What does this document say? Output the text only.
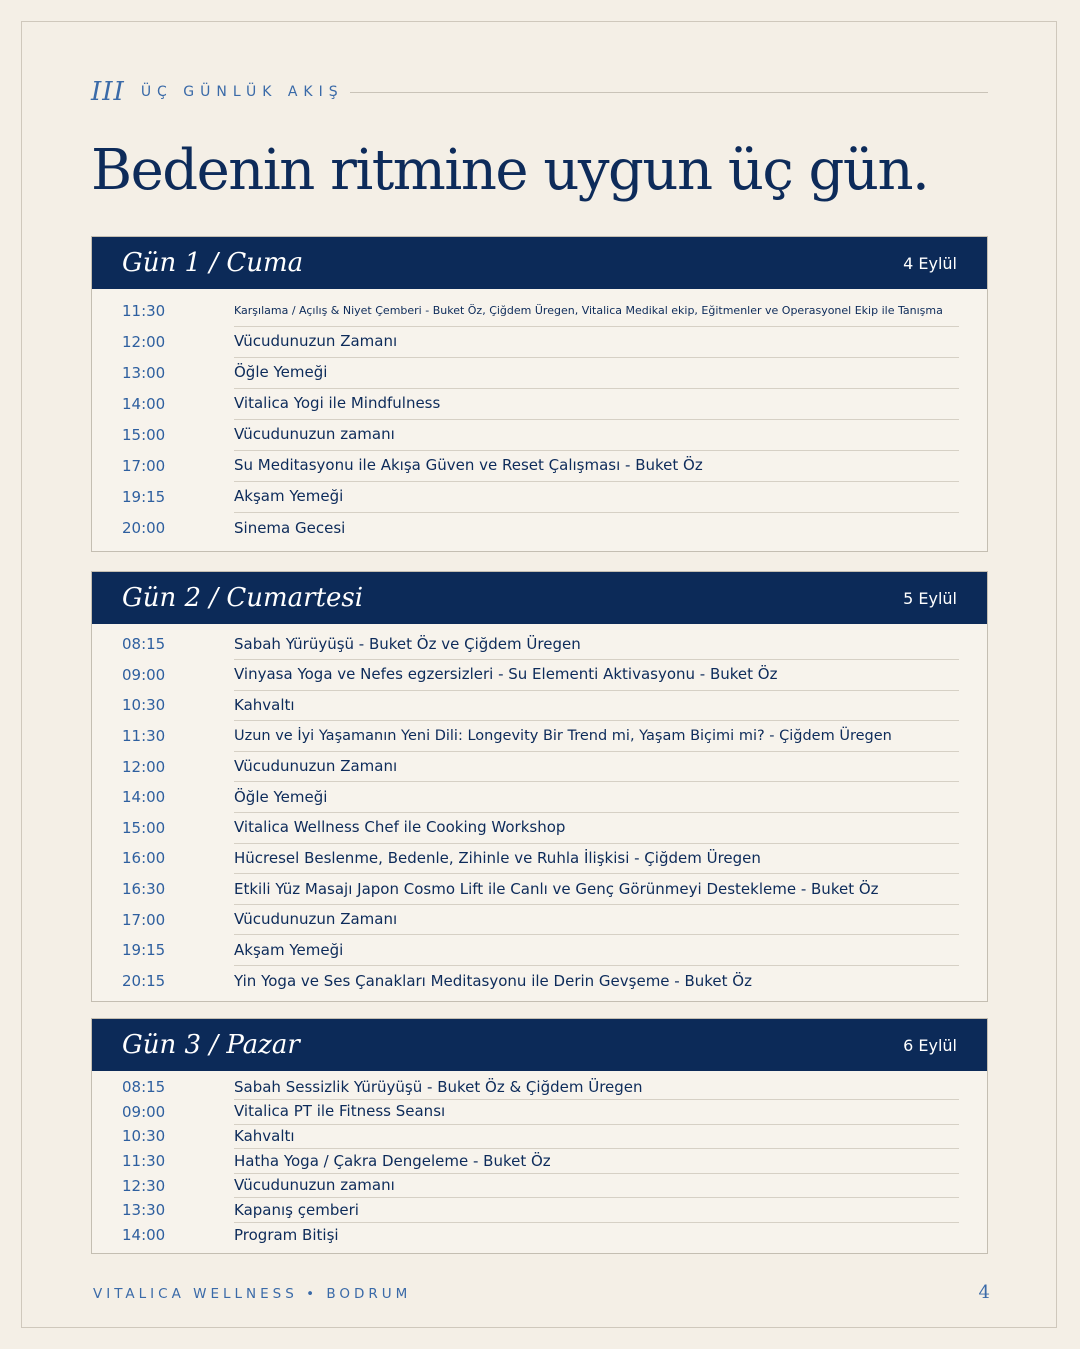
III ÜÇ GÜNLÜK AKIŞ
Bedenin ritmine uygun üç gün.
Gün 1 / Cuma	4 Eylül
11:30	Karşılama / Açılış & Niyet Çemberi - Buket Öz, Çiğdem Üregen, Vitalica Medikal ekip, Eğitmenler ve Operasyonel Ekip ile Tanışma
12:00	Vücudunuzun Zamanı
13:00	Öğle Yemeği
14:00	Vitalica Yogi ile Mindfulness
15:00	Vücudunuzun zamanı
17:00	Su Meditasyonu ile Akışa Güven ve Reset Çalışması - Buket Öz
19:15	Akşam Yemeği
20:00	Sinema Gecesi
Gün 2 / Cumartesi	5 Eylül
08:15	Sabah Yürüyüşü - Buket Öz ve Çiğdem Üregen
09:00	Vinyasa Yoga ve Nefes egzersizleri - Su Elementi Aktivasyonu - Buket Öz
10:30	Kahvaltı
11:30	Uzun ve İyi Yaşamanın Yeni Dili: Longevity Bir Trend mi, Yaşam Biçimi mi? - Çiğdem Üregen
12:00	Vücudunuzun Zamanı
14:00	Öğle Yemeği
15:00	Vitalica Wellness Chef ile Cooking Workshop
16:00	Hücresel Beslenme, Bedenle, Zihinle ve Ruhla İlişkisi - Çiğdem Üregen
16:30	Etkili Yüz Masajı Japon Cosmo Lift ile Canlı ve Genç Görünmeyi Destekleme - Buket Öz
17:00	Vücudunuzun Zamanı
19:15	Akşam Yemeği
20:15	Yin Yoga ve Ses Çanakları Meditasyonu ile Derin Gevşeme - Buket Öz
Gün 3 / Pazar	6 Eylül
08:15	Sabah Sessizlik Yürüyüşü - Buket Öz & Çiğdem Üregen
09:00	Vitalica PT ile Fitness Seansı
10:30	Kahvaltı
11:30	Hatha Yoga / Çakra Dengeleme - Buket Öz
12:30	Vücudunuzun zamanı
13:30	Kapanış çemberi
14:00	Program Bitişi
VITALICA WELLNESS • BODRUM	4
